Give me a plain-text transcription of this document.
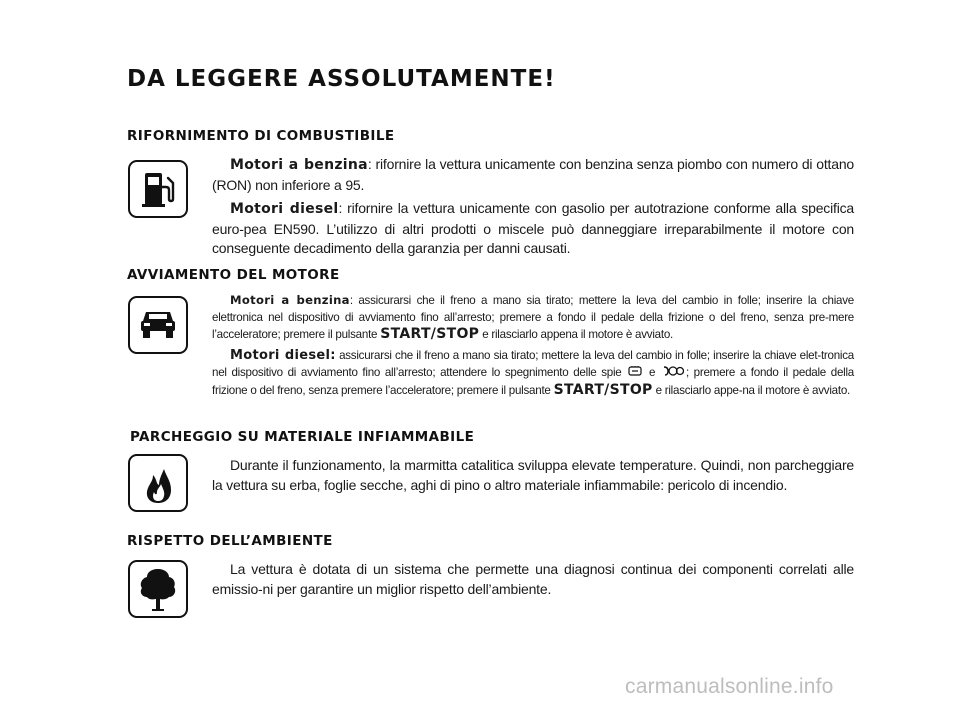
DA LEGGERE ASSOLUTAMENTE!
RIFORNIMENTO DI COMBUSTIBILE

Motori a benzina: rifornire la vettura unicamente con benzina senza piombo con numero di ottano (RON) non inferiore a 95.

Motori diesel: rifornire la vettura unicamente con gasolio per autotrazione conforme alla specifica euro-pea EN590. L’utilizzo di altri prodotti o miscele può danneggiare irreparabilmente il motore con conseguente decadimento della garanzia per danni causati.

AVVIAMENTO DEL MOTORE

Motori a benzina: assicurarsi che il freno a mano sia tirato; mettere la leva del cambio in folle; inserire la chiave elettronica nel dispositivo di avviamento fino all’arresto; premere a fondo il pedale della frizione o del freno, senza pre-mere l’acceleratore; premere il pulsante START/STOP e rilasciarlo appena il motore è avviato.

Motori diesel: assicurarsi che il freno a mano sia tirato; mettere la leva del cambio in folle; inserire la chiave elet-tronica nel dispositivo di avviamento fino all’arresto; attendere lo spegnimento delle spie  e ; premere a fondo il pedale della frizione o del freno, senza premere l’acceleratore; premere il pulsante START/STOP e rilasciarlo appe-na il motore è avviato.

PARCHEGGIO SU MATERIALE INFIAMMABILE

Durante il funzionamento, la marmitta catalitica sviluppa elevate temperature. Quindi, non parcheggiare la vettura su erba, foglie secche, aghi di pino o altro materiale infiammabile: pericolo di incendio.

RISPETTO DELL’AMBIENTE

La vettura è dotata di un sistema che permette una diagnosi continua dei componenti correlati alle emissio-ni per garantire un miglior rispetto dell’ambiente.

carmanualsonline.info
